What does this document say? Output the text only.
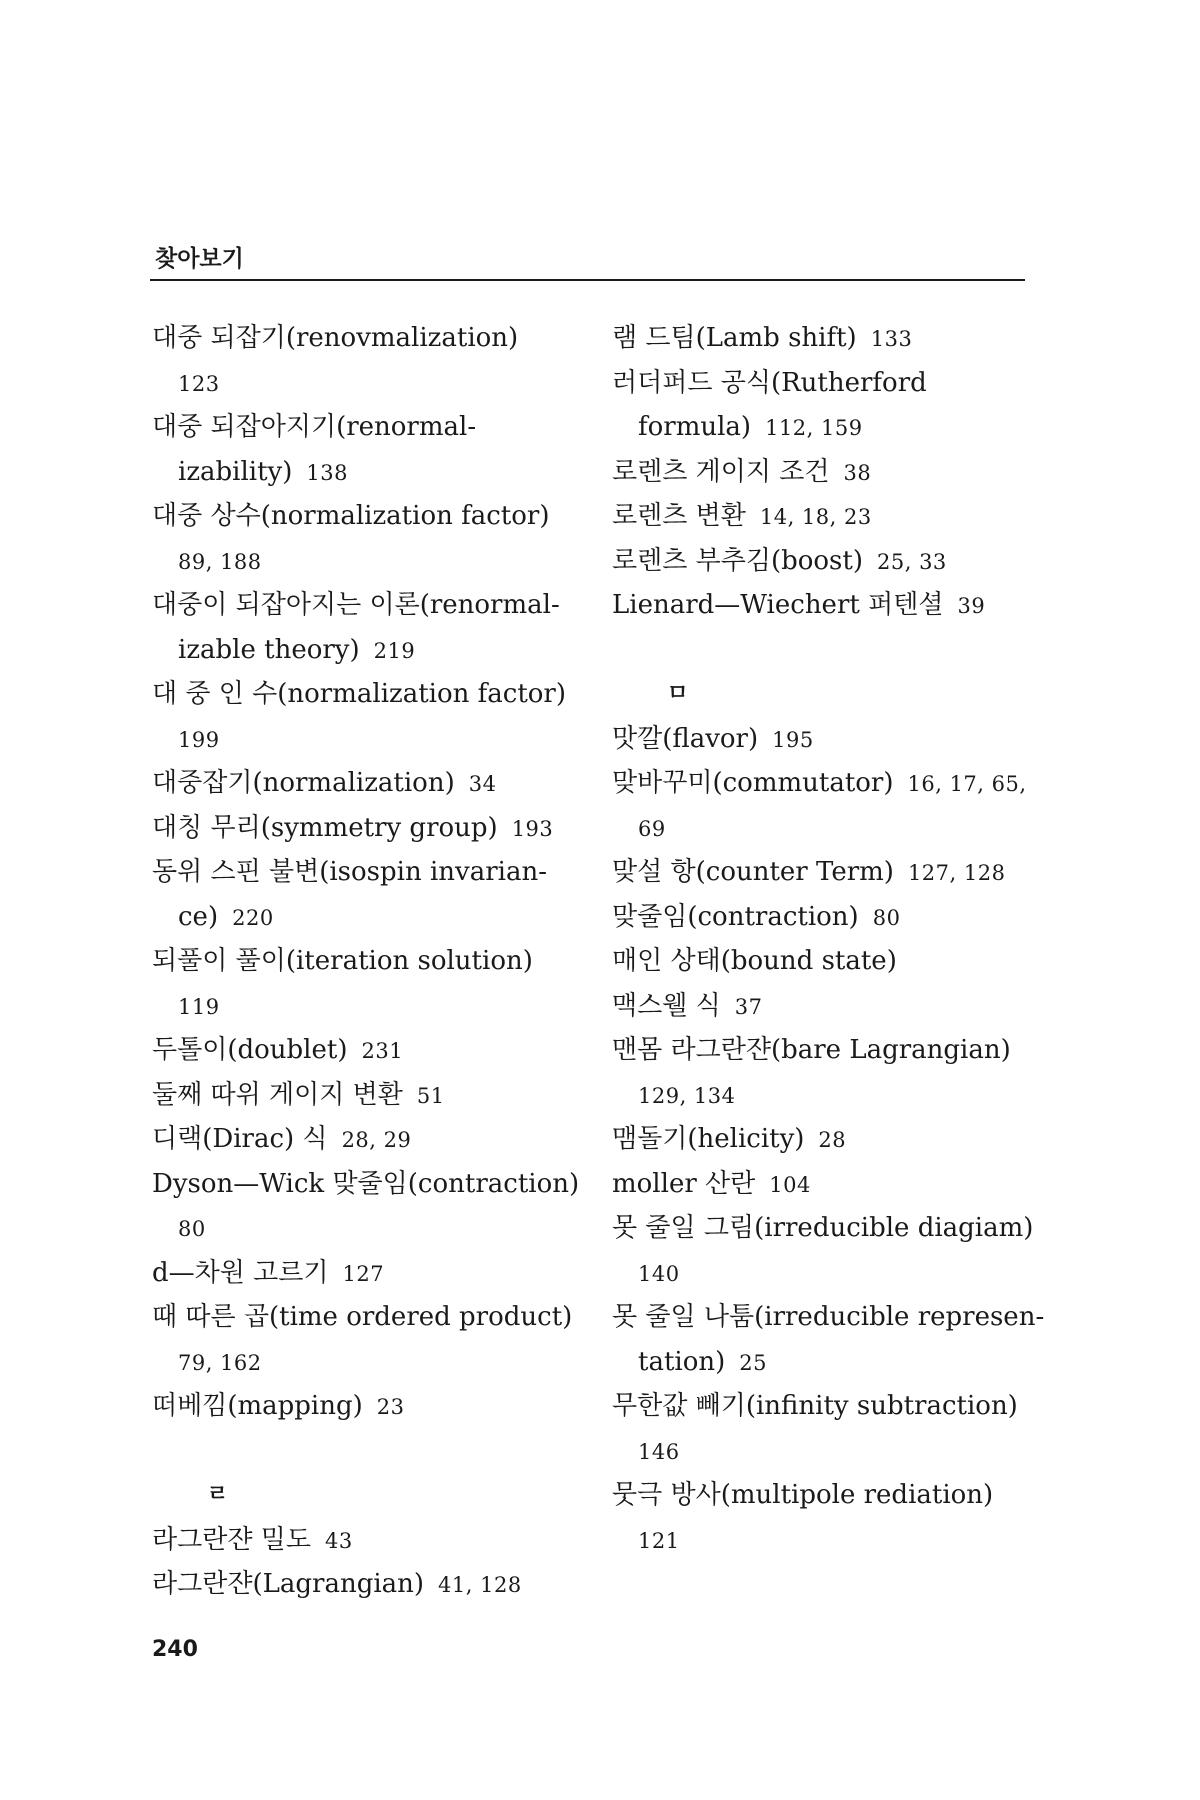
찾아보기
대중 되잡기(renovmalization)
123
대중 되잡아지기(renormal-
izability) 138
대중 상수(normalization factor)
89, 188
대중이 되잡아지는 이론(renormal-
izable theory) 219
대 중 인 수(normalization factor)
199
대중잡기(normalization) 34
대칭 무리(symmetry group) 193
동위 스핀 불변(isospin invarian-
ce) 220
되풀이 풀이(iteration solution)
119
두톨이(doublet) 231
둘째 따위 게이지 변환 51
디랙(Dirac) 식 28, 29
Dyson—Wick 맞줄임(contraction)
80
d—차원 고르기 127
때 따른 곱(time ordered product)
79, 162
떠베낌(mapping) 23
ㄹ
라그란쟌 밀도 43
라그란쟌(Lagrangian) 41, 128
램 드팀(Lamb shift) 133
러더퍼드 공식(Rutherford
formula) 112, 159
로렌츠 게이지 조건 38
로렌츠 변환 14, 18, 23
로렌츠 부추김(boost) 25, 33
Lienard—Wiechert 퍼텐셜 39
ㅁ
맛깔(flavor) 195
맞바꾸미(commutator) 16, 17, 65,
69
맞설 항(counter Term) 127, 128
맞줄임(contraction) 80
매인 상태(bound state)
맥스웰 식 37
맨몸 라그란쟌(bare Lagrangian)
129, 134
맴돌기(helicity) 28
moller 산란 104
못 줄일 그림(irreducible diagiam)
140
못 줄일 나툼(irreducible represen-
tation) 25
무한값 빼기(infinity subtraction)
146
뭇극 방사(multipole rediation)
121
240
